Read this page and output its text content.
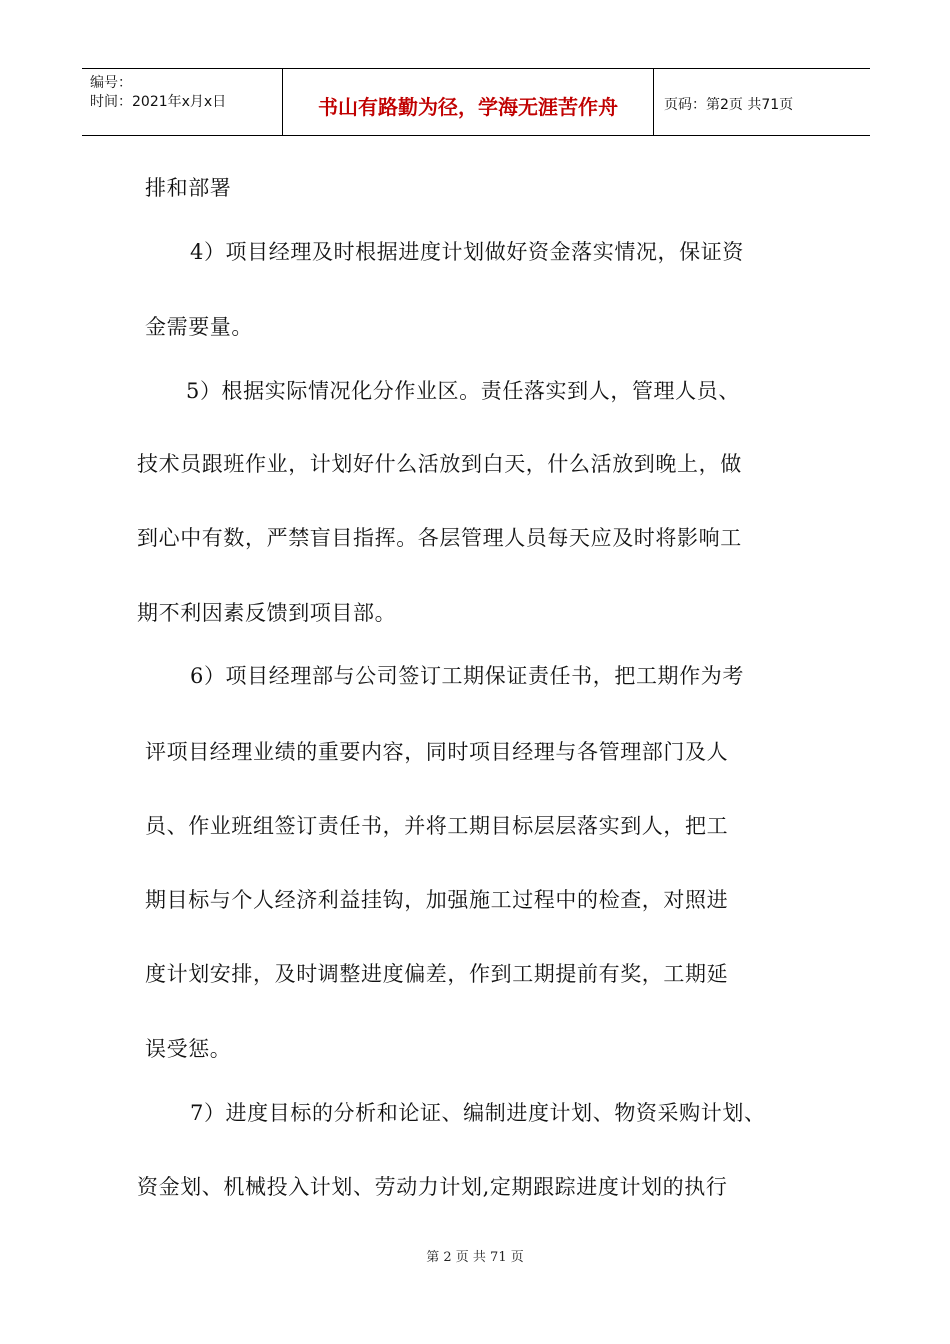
编号：
时间：2021年x月x日	书山有路勤为径，学海无涯苦作舟	页码：第2页 共71页
排和部署
4）项目经理及时根据进度计划做好资金落实情况，保证资
金需要量。
5）根据实际情况化分作业区。责任落实到人，管理人员、
技术员跟班作业，计划好什么活放到白天，什么活放到晚上，做
到心中有数，严禁盲目指挥。各层管理人员每天应及时将影响工
期不利因素反馈到项目部。
6）项目经理部与公司签订工期保证责任书，把工期作为考
评项目经理业绩的重要内容，同时项目经理与各管理部门及人
员、作业班组签订责任书，并将工期目标层层落实到人，把工
期目标与个人经济利益挂钩，加强施工过程中的检查，对照进
度计划安排，及时调整进度偏差，作到工期提前有奖，工期延
误受惩。
7）进度目标的分析和论证、编制进度计划、物资采购计划、
资金划、机械投入计划、劳动力计划,定期跟踪进度计划的执行
第 2 页 共 71 页
